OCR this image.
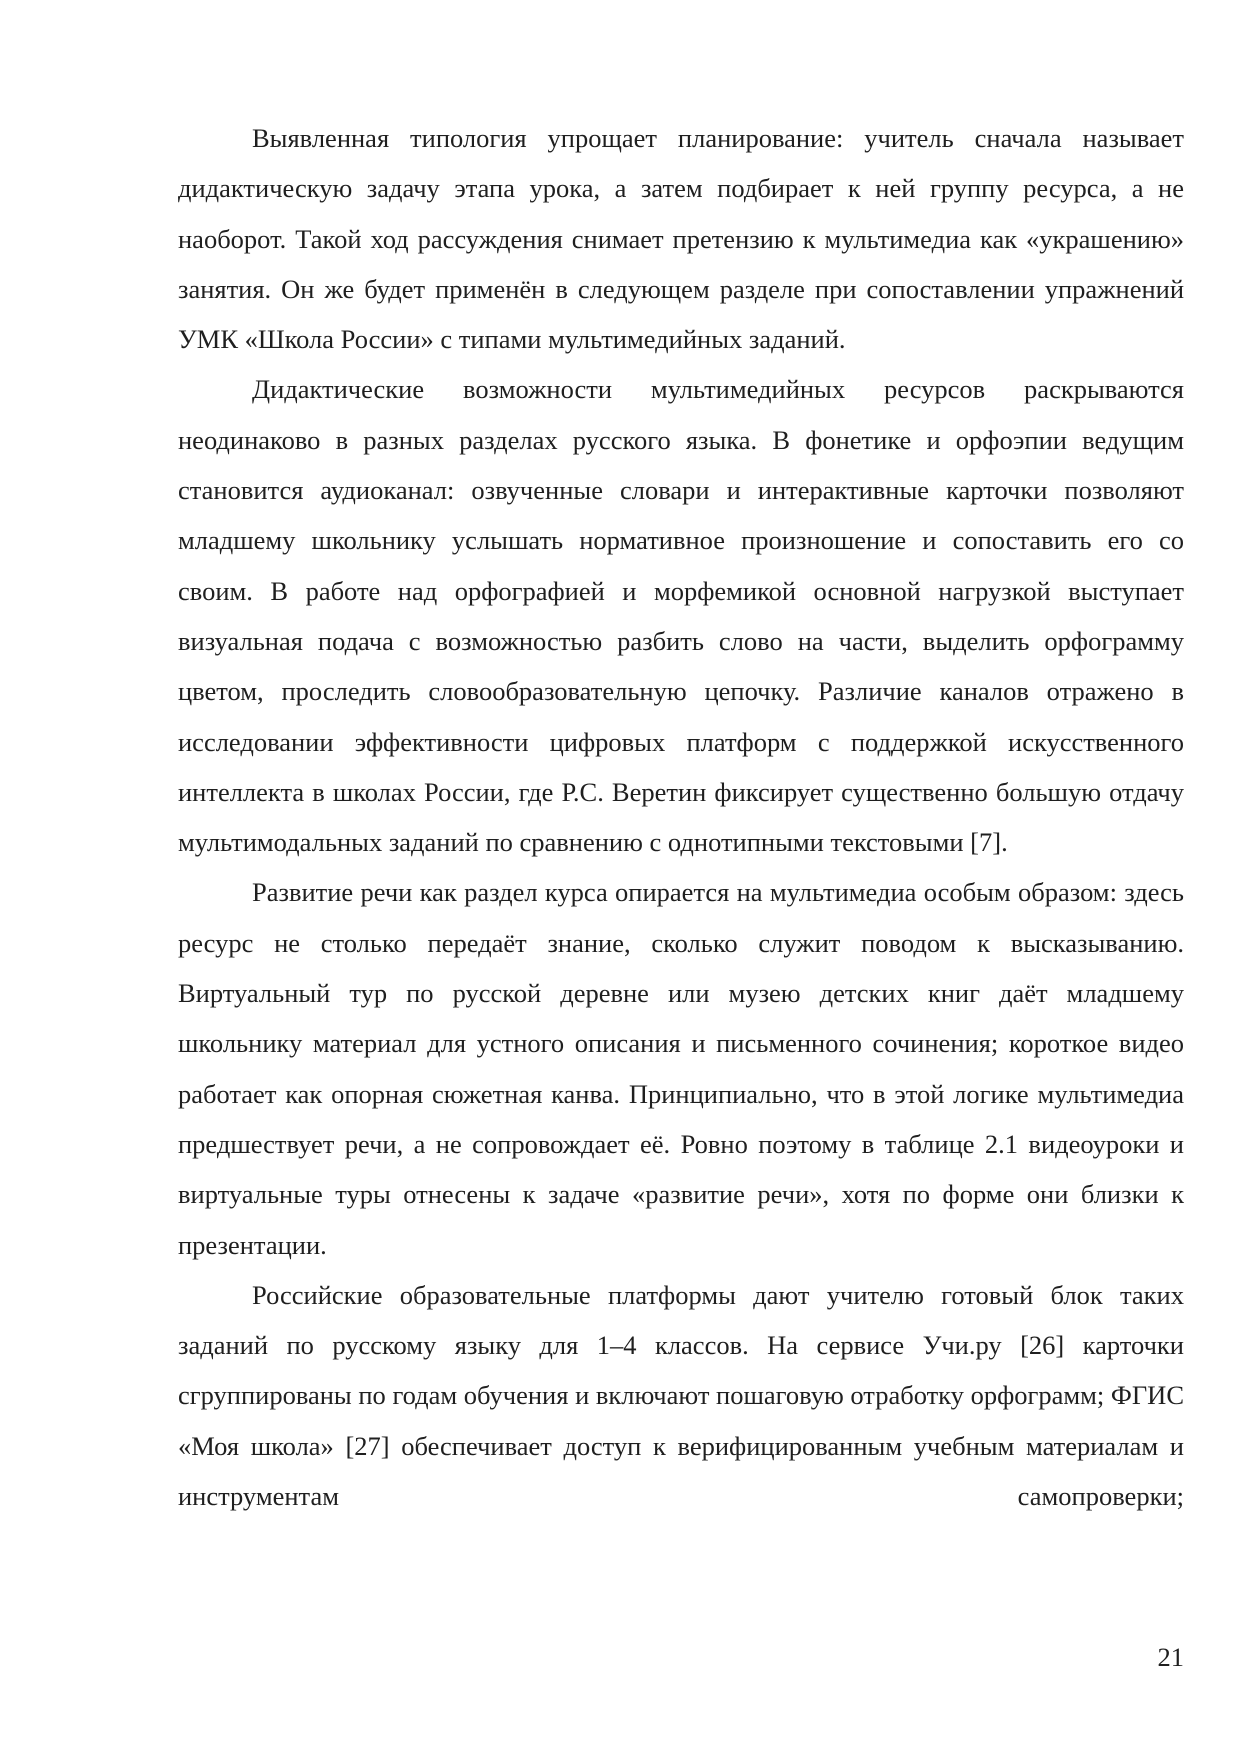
Выявленная типология упрощает планирование: учитель сначала называет дидактическую задачу этапа урока, а затем подбирает к ней группу ресурса, а не наоборот. Такой ход рассуждения снимает претензию к мультимедиа как «украшению» занятия. Он же будет применён в следующем разделе при сопоставлении упражнений УМК «Школа России» с типами мультимедийных заданий.

Дидактические возможности мультимедийных ресурсов раскрываются неодинаково в разных разделах русского языка. В фонетике и орфоэпии ведущим становится аудиоканал: озвученные словари и интерактивные карточки позволяют младшему школьнику услышать нормативное произношение и сопоставить его со своим. В работе над орфографией и морфемикой основной нагрузкой выступает визуальная подача с возможностью разбить слово на части, выделить орфограмму цветом, проследить словообразовательную цепочку. Различие каналов отражено в исследовании эффективности цифровых платформ с поддержкой искусственного интеллекта в школах России, где Р.С. Веретин фиксирует существенно большую отдачу мультимодальных заданий по сравнению с однотипными текстовыми [7].

Развитие речи как раздел курса опирается на мультимедиа особым образом: здесь ресурс не столько передаёт знание, сколько служит поводом к высказыванию. Виртуальный тур по русской деревне или музею детских книг даёт младшему школьнику материал для устного описания и письменного сочинения; короткое видео работает как опорная сюжетная канва. Принципиально, что в этой логике мультимедиа предшествует речи, а не сопровождает её. Ровно поэтому в таблице 2.1 видеоуроки и виртуальные туры отнесены к задаче «развитие речи», хотя по форме они близки к презентации.

Российские образовательные платформы дают учителю готовый блок таких заданий по русскому языку для 1–4 классов. На сервисе Учи.ру [26] карточки сгруппированы по годам обучения и включают пошаговую отработку орфограмм; ФГИС «Моя школа» [27] обеспечивает доступ к верифицированным учебным материалам и инструментам самопроверки;

21
